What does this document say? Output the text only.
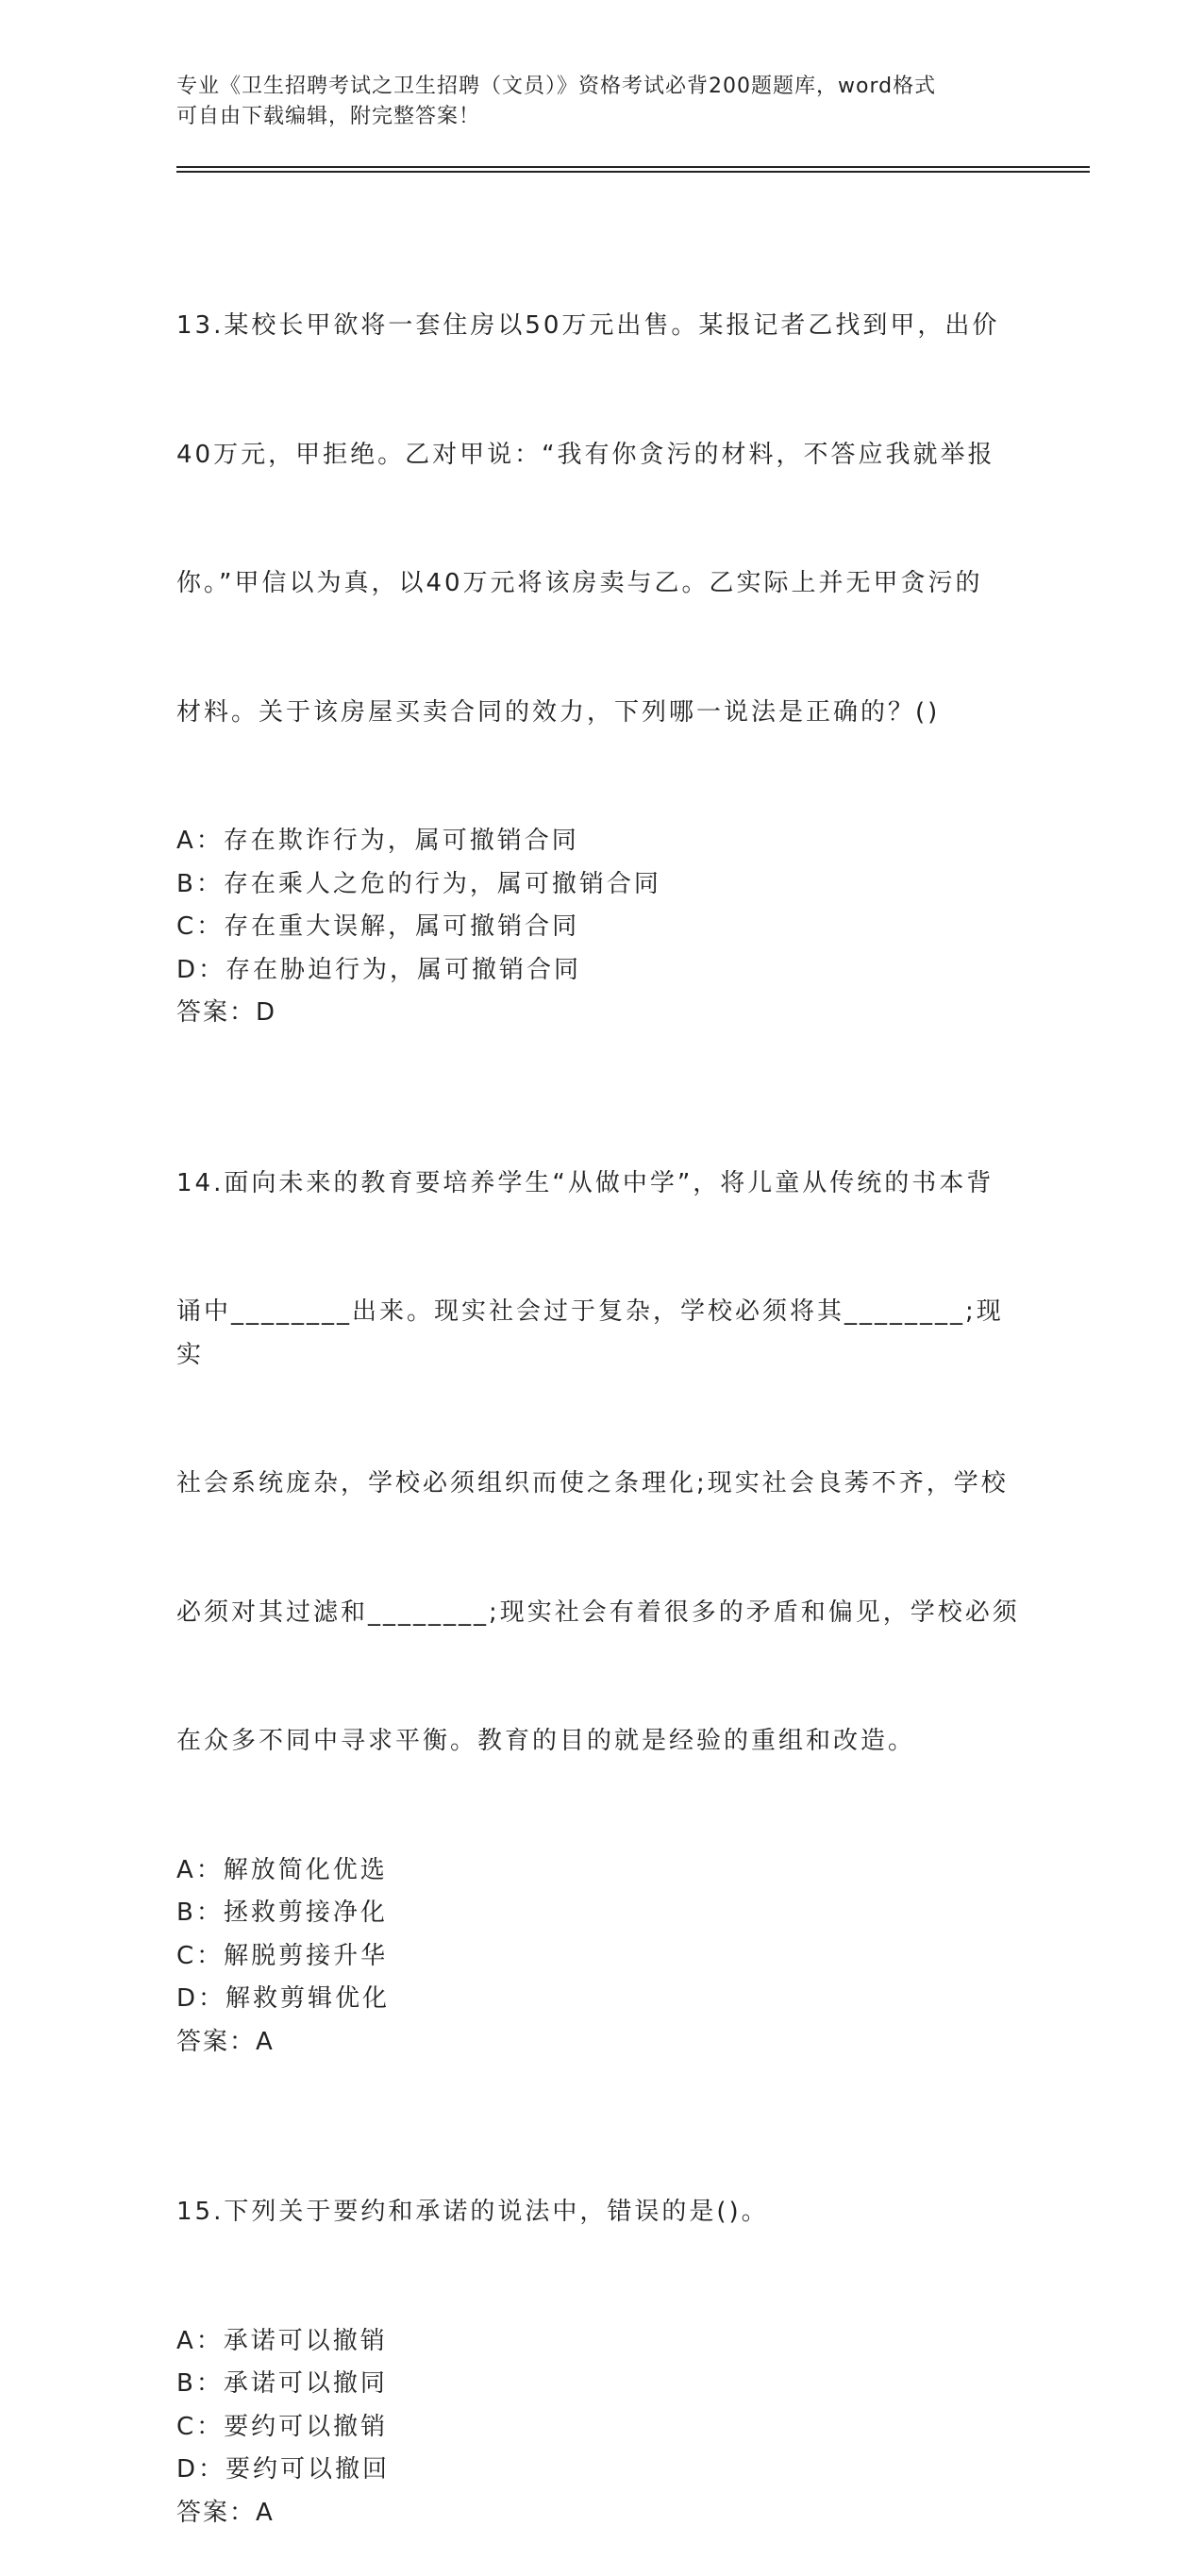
专业《卫生招聘考试之卫生招聘（文员）》资格考试必背200题题库，word格式
可自由下载编辑，附完整答案！

13.某校长甲欲将一套住房以50万元出售。某报记者乙找到甲，出价

40万元，甲拒绝。乙对甲说：“我有你贪污的材料，不答应我就举报

你。”甲信以为真，以40万元将该房卖与乙。乙实际上并无甲贪污的

材料。关于该房屋买卖合同的效力，下列哪一说法是正确的？()

A：存在欺诈行为，属可撤销合同
B：存在乘人之危的行为，属可撤销合同
C：存在重大误解，属可撤销合同
D：存在胁迫行为，属可撤销合同
答案：D

14.面向未来的教育要培养学生“从做中学”，将儿童从传统的书本背

诵中________出来。现实社会过于复杂，学校必须将其________;现实

社会系统庞杂，学校必须组织而使之条理化;现实社会良莠不齐，学校

必须对其过滤和________;现实社会有着很多的矛盾和偏见，学校必须

在众多不同中寻求平衡。教育的目的就是经验的重组和改造。

A：解放简化优选
B：拯救剪接净化
C：解脱剪接升华
D：解救剪辑优化
答案：A

15.下列关于要约和承诺的说法中，错误的是()。

A：承诺可以撤销
B：承诺可以撤同
C：要约可以撤销
D：要约可以撤回
答案：A
